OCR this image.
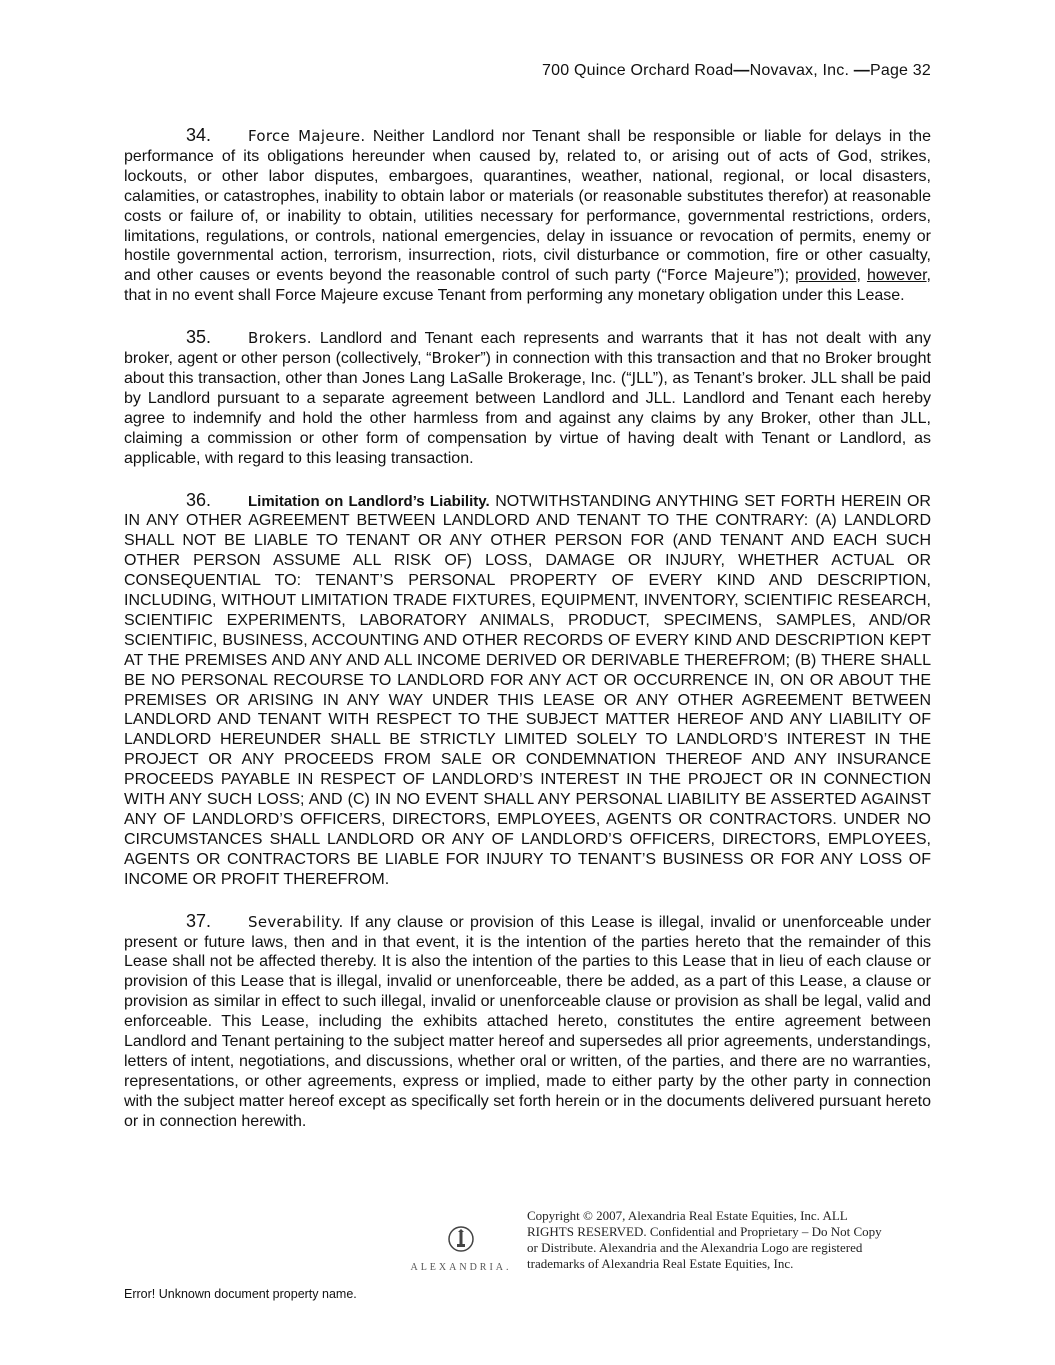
700 Quince Orchard Road—Novavax, Inc. —Page 32

34. Force Majeure. Neither Landlord nor Tenant shall be responsible or liable for delays in the performance of its obligations hereunder when caused by, related to, or arising out of acts of God, strikes, lockouts, or other labor disputes, embargoes, quarantines, weather, national, regional, or local disasters, calamities, or catastrophes, inability to obtain labor or materials (or reasonable substitutes therefor) at reasonable costs or failure of, or inability to obtain, utilities necessary for performance, governmental restrictions, orders, limitations, regulations, or controls, national emergencies, delay in issuance or revocation of permits, enemy or hostile governmental action, terrorism, insurrection, riots, civil disturbance or commotion, fire or other casualty, and other causes or events beyond the reasonable control of such party (“Force Majeure”); provided, however, that in no event shall Force Majeure excuse Tenant from performing any monetary obligation under this Lease.

35. Brokers. Landlord and Tenant each represents and warrants that it has not dealt with any broker, agent or other person (collectively, “Broker”) in connection with this transaction and that no Broker brought about this transaction, other than Jones Lang LaSalle Brokerage, Inc. (“JLL”), as Tenant’s broker. JLL shall be paid by Landlord pursuant to a separate agreement between Landlord and JLL. Landlord and Tenant each hereby agree to indemnify and hold the other harmless from and against any claims by any Broker, other than JLL, claiming a commission or other form of compensation by virtue of having dealt with Tenant or Landlord, as applicable, with regard to this leasing transaction.

36. Limitation on Landlord’s Liability. NOTWITHSTANDING ANYTHING SET FORTH HEREIN OR IN ANY OTHER AGREEMENT BETWEEN LANDLORD AND TENANT TO THE CONTRARY: (A) LANDLORD SHALL NOT BE LIABLE TO TENANT OR ANY OTHER PERSON FOR (AND TENANT AND EACH SUCH OTHER PERSON ASSUME ALL RISK OF) LOSS, DAMAGE OR INJURY, WHETHER ACTUAL OR CONSEQUENTIAL TO: TENANT’S PERSONAL PROPERTY OF EVERY KIND AND DESCRIPTION, INCLUDING, WITHOUT LIMITATION TRADE FIXTURES, EQUIPMENT, INVENTORY, SCIENTIFIC RESEARCH, SCIENTIFIC EXPERIMENTS, LABORATORY ANIMALS, PRODUCT, SPECIMENS, SAMPLES, AND/OR SCIENTIFIC, BUSINESS, ACCOUNTING AND OTHER RECORDS OF EVERY KIND AND DESCRIPTION KEPT AT THE PREMISES AND ANY AND ALL INCOME DERIVED OR DERIVABLE THEREFROM; (B) THERE SHALL BE NO PERSONAL RECOURSE TO LANDLORD FOR ANY ACT OR OCCURRENCE IN, ON OR ABOUT THE PREMISES OR ARISING IN ANY WAY UNDER THIS LEASE OR ANY OTHER AGREEMENT BETWEEN LANDLORD AND TENANT WITH RESPECT TO THE SUBJECT MATTER HEREOF AND ANY LIABILITY OF LANDLORD HEREUNDER SHALL BE STRICTLY LIMITED SOLELY TO LANDLORD’S INTEREST IN THE PROJECT OR ANY PROCEEDS FROM SALE OR CONDEMNATION THEREOF AND ANY INSURANCE PROCEEDS PAYABLE IN RESPECT OF LANDLORD’S INTEREST IN THE PROJECT OR IN CONNECTION WITH ANY SUCH LOSS; AND (C) IN NO EVENT SHALL ANY PERSONAL LIABILITY BE ASSERTED AGAINST ANY OF LANDLORD’S OFFICERS, DIRECTORS, EMPLOYEES, AGENTS OR CONTRACTORS. UNDER NO CIRCUMSTANCES SHALL LANDLORD OR ANY OF LANDLORD’S OFFICERS, DIRECTORS, EMPLOYEES, AGENTS OR CONTRACTORS BE LIABLE FOR INJURY TO TENANT’S BUSINESS OR FOR ANY LOSS OF INCOME OR PROFIT THEREFROM.

37. Severability. If any clause or provision of this Lease is illegal, invalid or unenforceable under present or future laws, then and in that event, it is the intention of the parties hereto that the remainder of this Lease shall not be affected thereby. It is also the intention of the parties to this Lease that in lieu of each clause or provision of this Lease that is illegal, invalid or unenforceable, there be added, as a part of this Lease, a clause or provision as similar in effect to such illegal, invalid or unenforceable clause or provision as shall be legal, valid and enforceable. This Lease, including the exhibits attached hereto, constitutes the entire agreement between Landlord and Tenant pertaining to the subject matter hereof and supersedes all prior agreements, understandings, letters of intent, negotiations, and discussions, whether oral or written, of the parties, and there are no warranties, representations, or other agreements, express or implied, made to either party by the other party in connection with the subject matter hereof except as specifically set forth herein or in the documents delivered pursuant hereto or in connection herewith.

ALEXANDRIA.
Copyright © 2007, Alexandria Real Estate Equities, Inc. ALL RIGHTS RESERVED. Confidential and Proprietary – Do Not Copy or Distribute. Alexandria and the Alexandria Logo are registered trademarks of Alexandria Real Estate Equities, Inc.
Error! Unknown document property name.
